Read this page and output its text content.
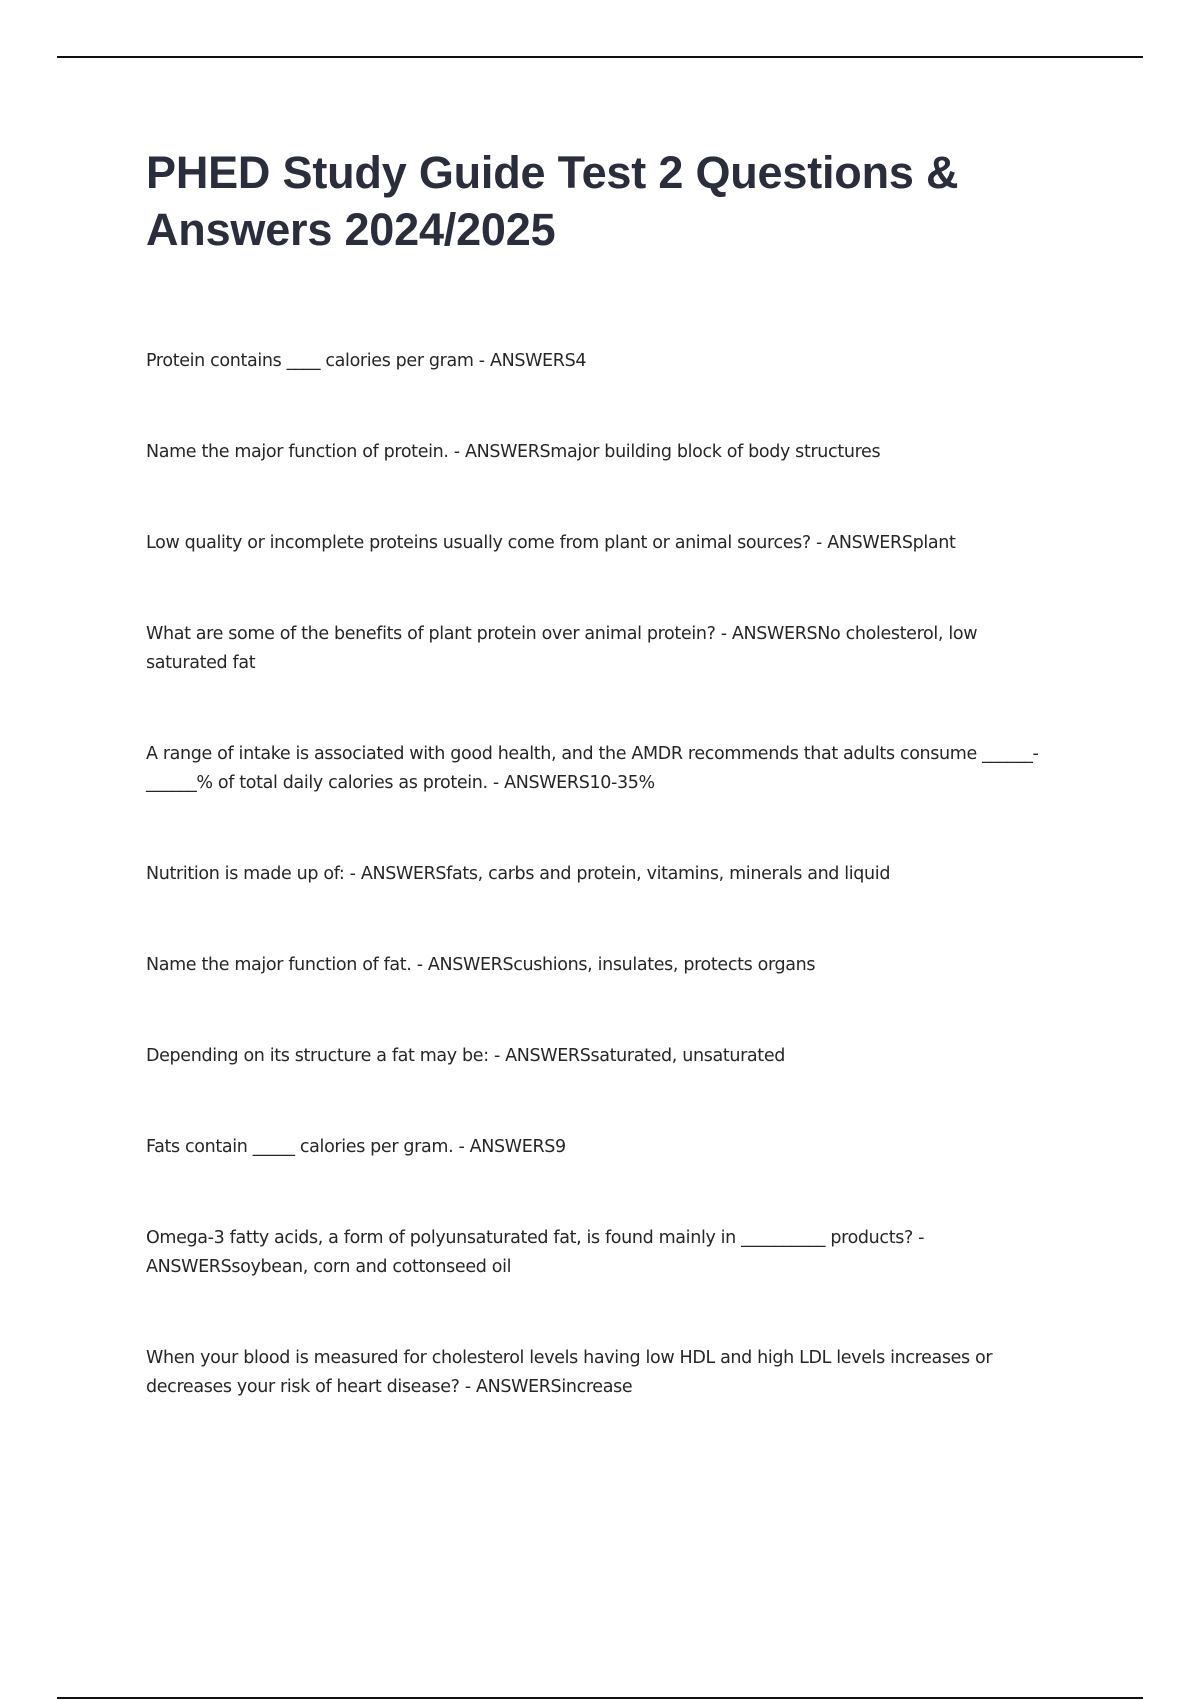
PHED Study Guide Test 2 Questions & Answers 2024/2025
Protein contains ____ calories per gram - ANSWERS4
Name the major function of protein. - ANSWERSmajor building block of body structures
Low quality or incomplete proteins usually come from plant or animal sources? - ANSWERSplant
What are some of the benefits of plant protein over animal protein? - ANSWERSNo cholesterol, low saturated fat
A range of intake is associated with good health, and the AMDR recommends that adults consume ______-______% of total daily calories as protein. - ANSWERS10-35%
Nutrition is made up of: - ANSWERSfats, carbs and protein, vitamins, minerals and liquid
Name the major function of fat. - ANSWERScushions, insulates, protects organs
Depending on its structure a fat may be: - ANSWERSsaturated, unsaturated
Fats contain _____ calories per gram. - ANSWERS9
Omega-3 fatty acids, a form of polyunsaturated fat, is found mainly in __________ products? - ANSWERSsoybean, corn and cottonseed oil
When your blood is measured for cholesterol levels having low HDL and high LDL levels increases or decreases your risk of heart disease? - ANSWERSincrease
